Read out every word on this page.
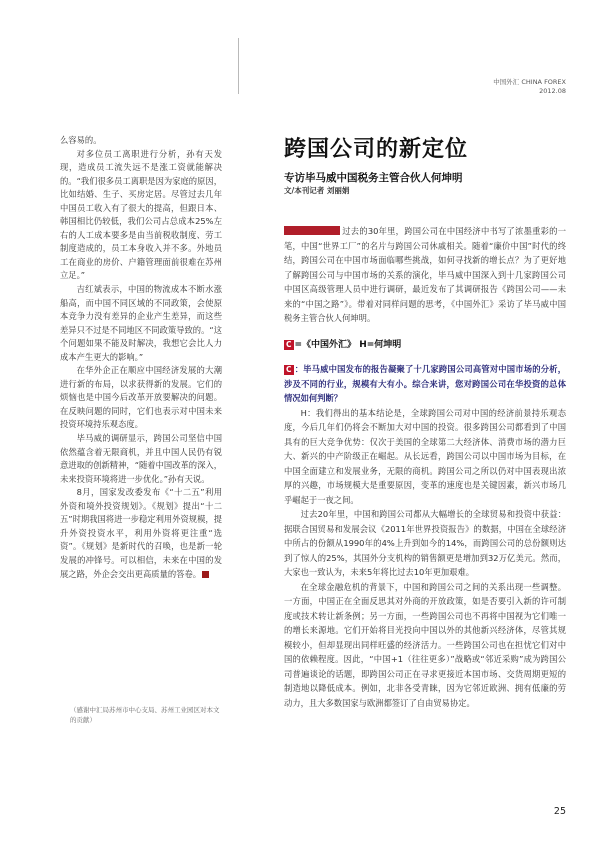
中国外汇 CHINA FOREX
2012.08

么容易的。

对多位员工离职进行分析，孙有天发现，造成员工流失远不是涨工资就能解决的。“我们很多员工离职是因为家庭的原因，比如结婚、生子、买房定居。尽管过去几年中国员工收入有了很大的提高，但跟日本、韩国相比仍较低，我们公司占总成本25%左右的人工成本要多是由当前税收制度、劳工制度造成的，员工本身收入并不多。外地员工在商业的房价、户籍管理面前很难在苏州立足。”

吉红斌表示，中国的物流成本不断水涨船高，而中国不同区域的不同政策，会使原本竞争力没有差异的企业产生差异，而这些差异只不过是不同地区不同政策导致的。“这个问题如果不能及时解决，我想它会比人力成本产生更大的影响。”

在华外企正在顺应中国经济发展的大潮进行新的布局，以求获得新的发展。它们的烦恼也是中国今后改革开放要解决的问题。在反映问题的同时，它们也表示对中国未来投资环境持乐观态度。

毕马威的调研显示，跨国公司坚信中国依然蕴含着无限商机，并且中国人民仍有锐意进取的创新精神，“随着中国改革的深入，未来投资环境将进一步优化。”孙有天说。

8月，国家发改委发布《“十二五”利用外资和境外投资规划》。《规划》提出“十二五”时期我国将进一步稳定利用外资规模，提升外资投资水平，利用外资将更注重“选资”。《规划》是新时代的召唤，也是新一轮发展的冲锋号。可以相信，未来在中国的发展之路，外企会交出更高质量的答卷。

（感谢中汇局苏州市中心支局、苏州工业园区对本文的贡献）
跨国公司的新定位
专访毕马威中国税务主管合伙人何坤明
文/本刊记者 刘丽娟

过去的30年里，跨国公司在中国经济中书写了浓墨重彩的一笔，中国“世界工厂”的名片与跨国公司休戚相关。随着“廉价中国”时代的终结，跨国公司在中国市场面临哪些挑战，如何寻找新的增长点？为了更好地了解跨国公司与中国市场的关系的演化，毕马威中国深入到十几家跨国公司中国区高级管理人员中进行调研，最近发布了其调研报告《跨国公司——未来的“中国之路”》。带着对同样问题的思考，《中国外汇》采访了毕马威中国税务主管合伙人何坤明。

C =《中国外汇》 H=何坤明

C ：毕马威中国发布的报告凝聚了十几家跨国公司高管对中国市场的分析，涉及不同的行业，规模有大有小。综合来讲，您对跨国公司在华投资的总体情况如何判断？

H：我们得出的基本结论是，全球跨国公司对中国的经济前景持乐观态度，今后几年们仍将会不断加大对中国的投资。很多跨国公司都看到了中国具有的巨大竞争优势：仅次于美国的全球第二大经济体、消费市场的潜力巨大、新兴的中产阶级正在崛起。从长远看，跨国公司以中国市场为目标，在中国全面建立和发展业务，无限的商机。跨国公司之所以仍对中国表现出浓厚的兴趣，市场规模大是重要原因，变革的速度也是关键因素，新兴市场几乎崛起于一夜之间。

过去20年里，中国和跨国公司都从大幅增长的全球贸易和投资中获益：据联合国贸易和发展会议《2011年世界投资报告》的数据，中国在全球经济中所占的份额从1990年的4%上升到如今的14%，而跨国公司的总份额则达到了惊人的25%，其国外分支机构的销售额更是增加到32万亿美元。然而，大家也一致认为，未来5年将比过去10年更加艰难。

在全球金融危机的背景下，中国和跨国公司之间的关系出现一些调整。一方面，中国正在全面反思其对外商的开放政策，如是否要引入新的许可制度或技术转让新条例；另一方面，一些跨国公司也不再将中国视为它们唯一的增长来源地。它们开始将目光投向中国以外的其他新兴经济体，尽管其规模较小，但却显现出同样旺盛的经济活力。一些跨国公司也在担忧它们对中国的依赖程度。因此，“中国+1（往往更多）”战略或“邻近采购”成为跨国公司普遍谈论的话题，即跨国公司正在寻求更接近本国市场、交货周期更短的制造地以降低成本。例如，北非各受青睐，因为它邻近欧洲、拥有低廉的劳动力，且大多数国家与欧洲都签订了自由贸易协定。

25
